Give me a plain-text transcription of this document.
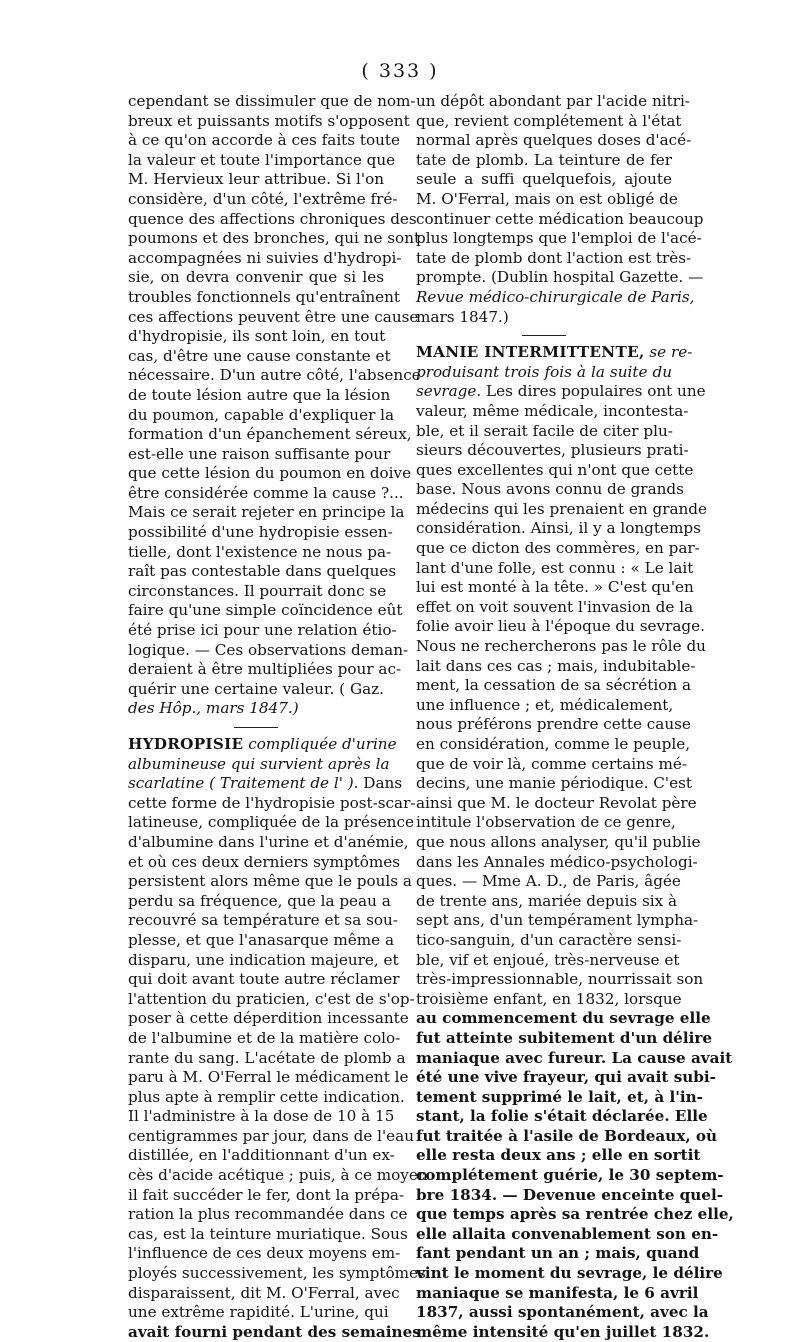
( 333 )
cependant se dissimuler que de nom-
breux et puissants motifs s'opposent
à ce qu'on accorde à ces faits toute
la valeur et toute l'importance que
M. Hervieux leur attribue. Si l'on
considère, d'un côté, l'extrême fré-
quence des affections chroniques des
poumons et des bronches, qui ne sont
accompagnées ni suivies d'hydropi-
sie, on devra convenir que si les
troubles fonctionnels qu'entraînent
ces affections peuvent être une cause
d'hydropisie, ils sont loin, en tout
cas, d'être une cause constante et
nécessaire. D'un autre côté, l'absence
de toute lésion autre que la lésion
du poumon, capable d'expliquer la
formation d'un épanchement séreux,
est-elle une raison suffisante pour
que cette lésion du poumon en doive
être considérée comme la cause ?...
Mais ce serait rejeter en principe la
possibilité d'une hydropisie essen-
tielle, dont l'existence ne nous pa-
raît pas contestable dans quelques
circonstances. Il pourrait donc se
faire qu'une simple coïncidence eût
été prise ici pour une relation étio-
logique. — Ces observations deman-
deraient à être multipliées pour ac-
quérir une certaine valeur. ( Gaz.
des Hôp., mars 1847.)
HYDROPISIE compliquée d'urine
albumineuse qui survient après la
scarlatine ( Traitement de l' ). Dans
cette forme de l'hydropisie post-scar-
latineuse, compliquée de la présence
d'albumine dans l'urine et d'anémie,
et où ces deux derniers symptômes
persistent alors même que le pouls a
perdu sa fréquence, que la peau a
recouvré sa température et sa sou-
plesse, et que l'anasarque même a
disparu, une indication majeure, et
qui doit avant toute autre réclamer
l'attention du praticien, c'est de s'op-
poser à cette déperdition incessante
de l'albumine et de la matière colo-
rante du sang. L'acétate de plomb a
paru à M. O'Ferral le médicament le
plus apte à remplir cette indication.
Il l'administre à la dose de 10 à 15
centigrammes par jour, dans de l'eau
distillée, en l'additionnant d'un ex-
cès d'acide acétique ; puis, à ce moyen
il fait succéder le fer, dont la prépa-
ration la plus recommandée dans ce
cas, est la teinture muriatique. Sous
l'influence de ces deux moyens em-
ployés successivement, les symptômes
disparaissent, dit M. O'Ferral, avec
une extrême rapidité. L'urine, qui
avait fourni pendant des semaines
un dépôt abondant par l'acide nitri-
que, revient complétement à l'état
normal après quelques doses d'acé-
tate de plomb. La teinture de fer
seule a suffi quelquefois, ajoute
M. O'Ferral, mais on est obligé de
continuer cette médication beaucoup
plus longtemps que l'emploi de l'acé-
tate de plomb dont l'action est très-
prompte. (Dublin hospital Gazette. —
Revue médico-chirurgicale de Paris,
mars 1847.)
MANIE INTERMITTENTE, se re-
produisant trois fois à la suite du
sevrage. Les dires populaires ont une
valeur, même médicale, incontesta-
ble, et il serait facile de citer plu-
sieurs découvertes, plusieurs prati-
ques excellentes qui n'ont que cette
base. Nous avons connu de grands
médecins qui les prenaient en grande
considération. Ainsi, il y a longtemps
que ce dicton des commères, en par-
lant d'une folle, est connu : « Le lait
lui est monté à la tête. » C'est qu'en
effet on voit souvent l'invasion de la
folie avoir lieu à l'époque du sevrage.
Nous ne rechercherons pas le rôle du
lait dans ces cas ; mais, indubitable-
ment, la cessation de sa sécrétion a
une influence ; et, médicalement,
nous préférons prendre cette cause
en considération, comme le peuple,
que de voir là, comme certains mé-
decins, une manie périodique. C'est
ainsi que M. le docteur Revolat père
intitule l'observation de ce genre,
que nous allons analyser, qu'il publie
dans les Annales médico-psychologi-
ques. — Mme A. D., de Paris, âgée
de trente ans, mariée depuis six à
sept ans, d'un tempérament lympha-
tico-sanguin, d'un caractère sensi-
ble, vif et enjoué, très-nerveuse et
très-impressionnable, nourrissait son
troisième enfant, en 1832, lorsque
au commencement du sevrage elle
fut atteinte subitement d'un délire
maniaque avec fureur. La cause avait
été une vive frayeur, qui avait subi-
tement supprimé le lait, et, à l'in-
stant, la folie s'était déclarée. Elle
fut traitée à l'asile de Bordeaux, où
elle resta deux ans ; elle en sortit
complétement guérie, le 30 septem-
bre 1834. — Devenue enceinte quel-
que temps après sa rentrée chez elle,
elle allaita convenablement son en-
fant pendant un an ; mais, quand
vint le moment du sevrage, le délire
maniaque se manifesta, le 6 avril
1837, aussi spontanément, avec la
même intensité qu'en juillet 1832.
